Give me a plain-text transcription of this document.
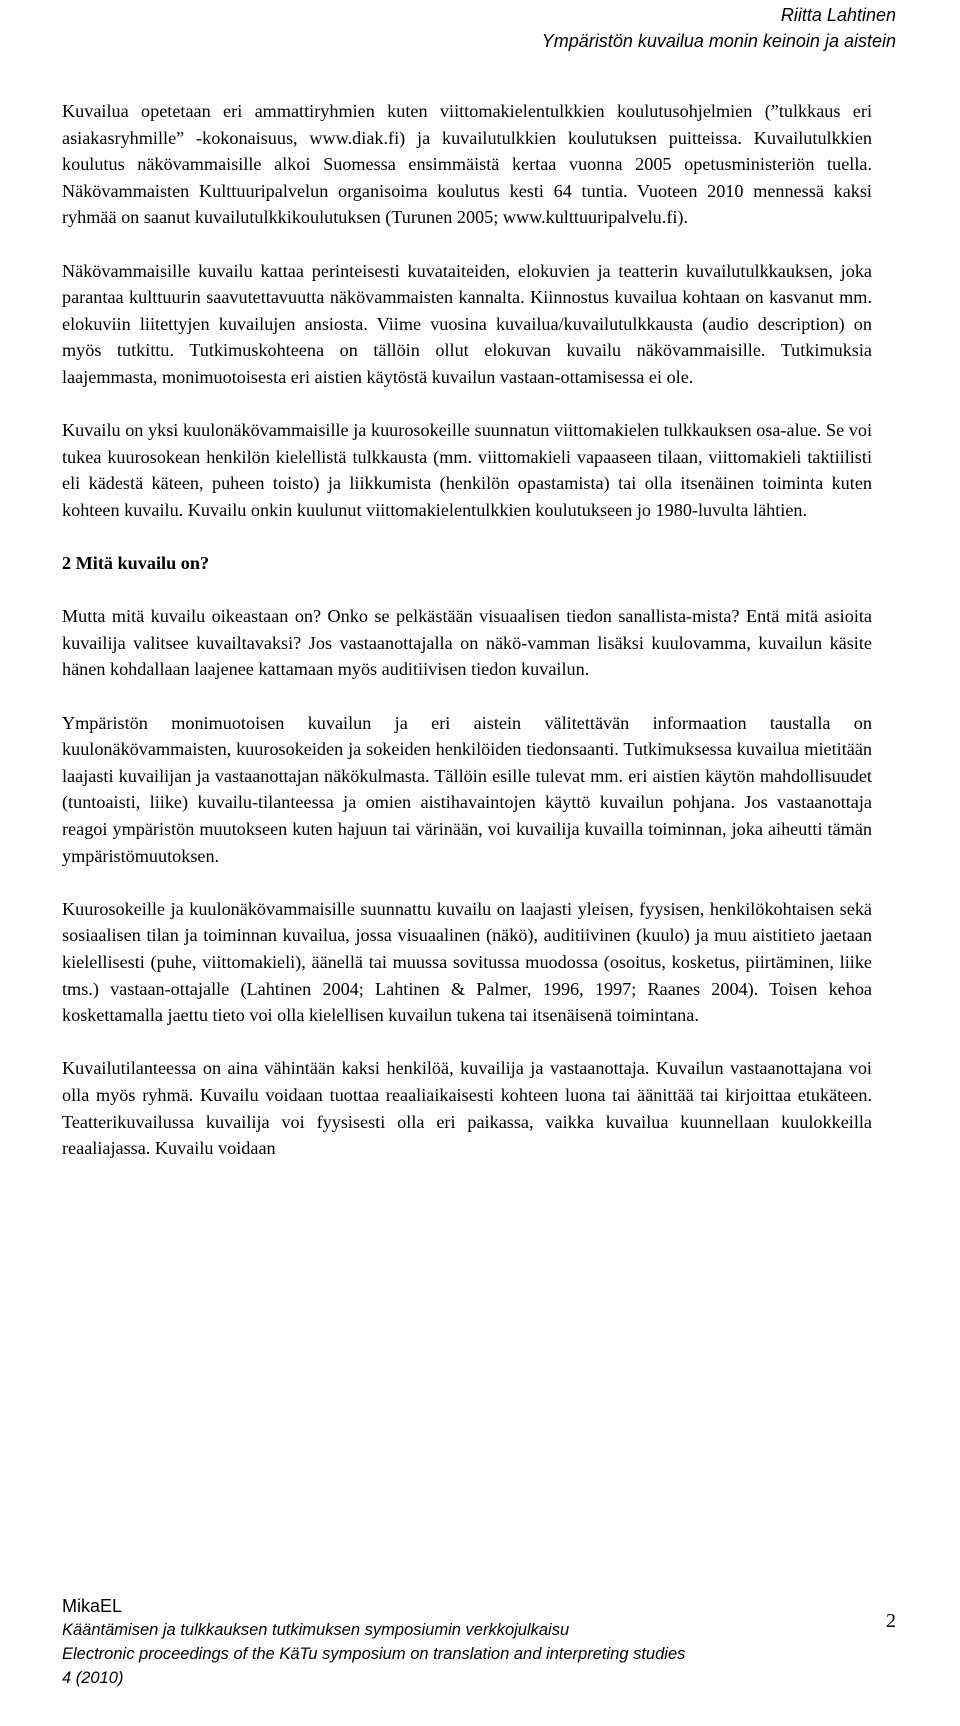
Riitta Lahtinen
Ympäristön kuvailua monin keinoin ja aistein

Kuvailua opetetaan eri ammattiryhmien kuten viittomakielentulkkien koulutusohjelmien (”tulkkaus eri asiakasryhmille” -kokonaisuus, www.diak.fi) ja kuvailutulkkien koulutuksen puitteissa. Kuvailutulkkien koulutus näkövammaisille alkoi Suomessa ensimmäistä kertaa vuonna 2005 opetusministeriön tuella. Näkövammaisten Kulttuuripalvelun organisoima koulutus kesti 64 tuntia. Vuoteen 2010 mennessä kaksi ryhmää on saanut kuvailutulkkikoulutuksen (Turunen 2005; www.kulttuuripalvelu.fi).

Näkövammaisille kuvailu kattaa perinteisesti kuvataiteiden, elokuvien ja teatterin kuvailutulkkauksen, joka parantaa kulttuurin saavutettavuutta näkövammaisten kannalta. Kiinnostus kuvailua kohtaan on kasvanut mm. elokuviin liitettyjen kuvailujen ansiosta. Viime vuosina kuvailua/kuvailutulkkausta (audio description) on myös tutkittu. Tutkimuskohteena on tällöin ollut elokuvan kuvailu näkövammaisille. Tutkimuksia laajemmasta, monimuotoisesta eri aistien käytöstä kuvailun vastaan-ottamisessa ei ole.

Kuvailu on yksi kuulonäkövammaisille ja kuurosokeille suunnatun viittomakielen tulkkauksen osa-alue. Se voi tukea kuurosokean henkilön kielellistä tulkkausta (mm. viittomakieli vapaaseen tilaan, viittomakieli taktiilisti eli kädestä käteen, puheen toisto) ja liikkumista (henkilön opastamista) tai olla itsenäinen toiminta kuten kohteen kuvailu. Kuvailu onkin kuulunut viittomakielentulkkien koulutukseen jo 1980-luvulta lähtien.

2 Mitä kuvailu on?

Mutta mitä kuvailu oikeastaan on? Onko se pelkästään visuaalisen tiedon sanallista-mista? Entä mitä asioita kuvailija valitsee kuvailtavaksi? Jos vastaanottajalla on näkö-vamman lisäksi kuulovamma, kuvailun käsite hänen kohdallaan laajenee kattamaan myös auditiivisen tiedon kuvailun.

Ympäristön monimuotoisen kuvailun ja eri aistein välitettävän informaation taustalla on kuulonäkövammaisten, kuurosokeiden ja sokeiden henkilöiden tiedonsaanti. Tutkimuksessa kuvailua mietitään laajasti kuvailijan ja vastaanottajan näkökulmasta. Tällöin esille tulevat mm. eri aistien käytön mahdollisuudet (tuntoaisti, liike) kuvailu-tilanteessa ja omien aistihavaintojen käyttö kuvailun pohjana. Jos vastaanottaja reagoi ympäristön muutokseen kuten hajuun tai värinään, voi kuvailija kuvailla toiminnan, joka aiheutti tämän ympäristömuutoksen.

Kuurosokeille ja kuulonäkövammaisille suunnattu kuvailu on laajasti yleisen, fyysisen, henkilökohtaisen sekä sosiaalisen tilan ja toiminnan kuvailua, jossa visuaalinen (näkö), auditiivinen (kuulo) ja muu aistitieto jaetaan kielellisesti (puhe, viittomakieli), äänellä tai muussa sovitussa muodossa (osoitus, kosketus, piirtäminen, liike tms.) vastaan-ottajalle (Lahtinen 2004; Lahtinen & Palmer, 1996, 1997; Raanes 2004). Toisen kehoa koskettamalla jaettu tieto voi olla kielellisen kuvailun tukena tai itsenäisenä toimintana.

Kuvailutilanteessa on aina vähintään kaksi henkilöä, kuvailija ja vastaanottaja. Kuvailun vastaanottajana voi olla myös ryhmä. Kuvailu voidaan tuottaa reaaliaikaisesti kohteen luona tai äänittää tai kirjoittaa etukäteen. Teatterikuvailussa kuvailija voi fyysisesti olla eri paikassa, vaikka kuvailua kuunnellaan kuulokkeilla reaaliajassa. Kuvailu voidaan

MikaEL
Kääntämisen ja tulkkauksen tutkimuksen symposiumin verkkojulkaisu
Electronic proceedings of the KäTu symposium on translation and interpreting studies
4 (2010)
2
